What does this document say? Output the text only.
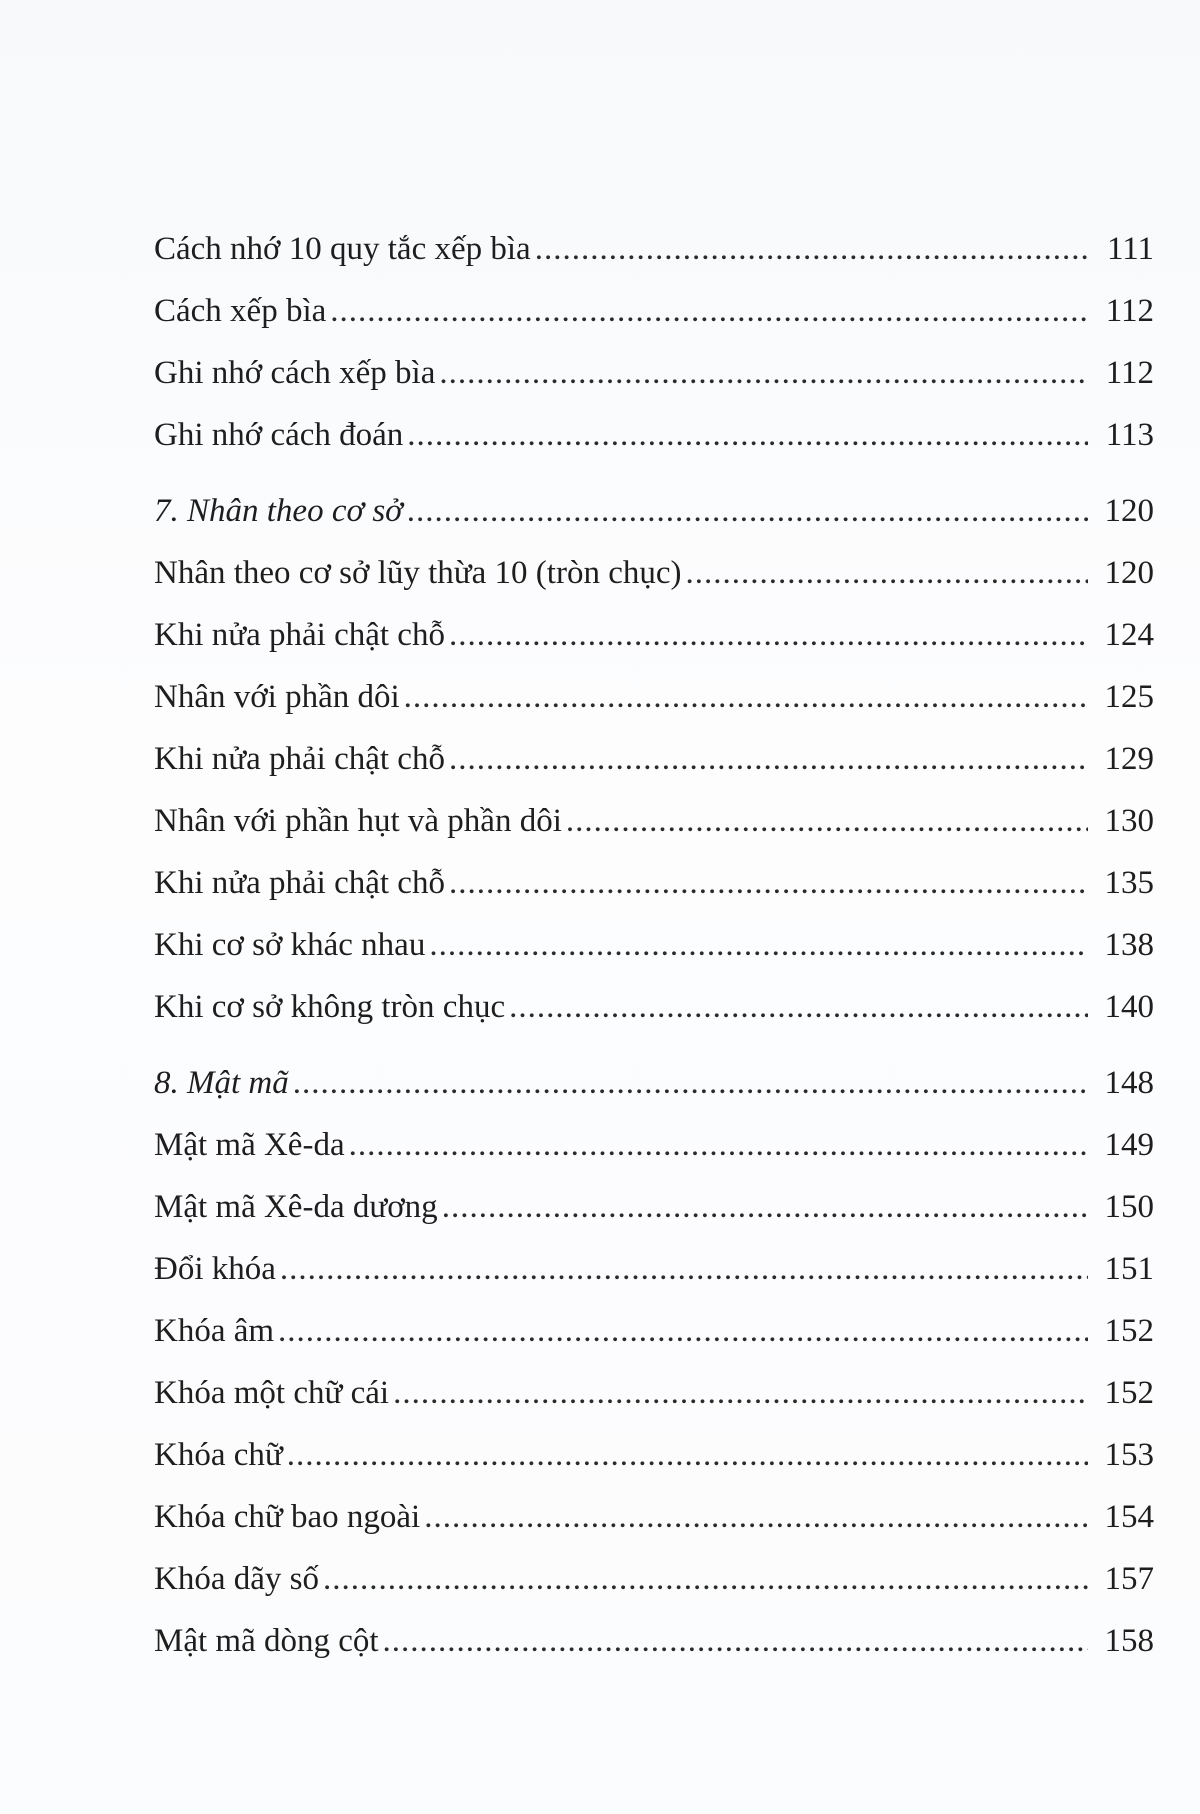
Cách nhớ 10 quy tắc xếp bìa .....	111
Cách xếp bìa .....	112
Ghi nhớ cách xếp bìa .....	112
Ghi nhớ cách đoán .....	113
7. Nhân theo cơ sở .....	120
Nhân theo cơ sở lũy thừa 10 (tròn chục) .....	120
Khi nửa phải chật chỗ .....	124
Nhân với phần dôi .....	125
Khi nửa phải chật chỗ .....	129
Nhân với phần hụt và phần dôi .....	130
Khi nửa phải chật chỗ .....	135
Khi cơ sở khác nhau .....	138
Khi cơ sở không tròn chục .....	140
8. Mật mã .....	148
Mật mã Xê-da .....	149
Mật mã Xê-da dương .....	150
Đổi khóa .....	151
Khóa âm .....	152
Khóa một chữ cái .....	152
Khóa chữ .....	153
Khóa chữ bao ngoài .....	154
Khóa dãy số .....	157
Mật mã dòng cột .....	158
